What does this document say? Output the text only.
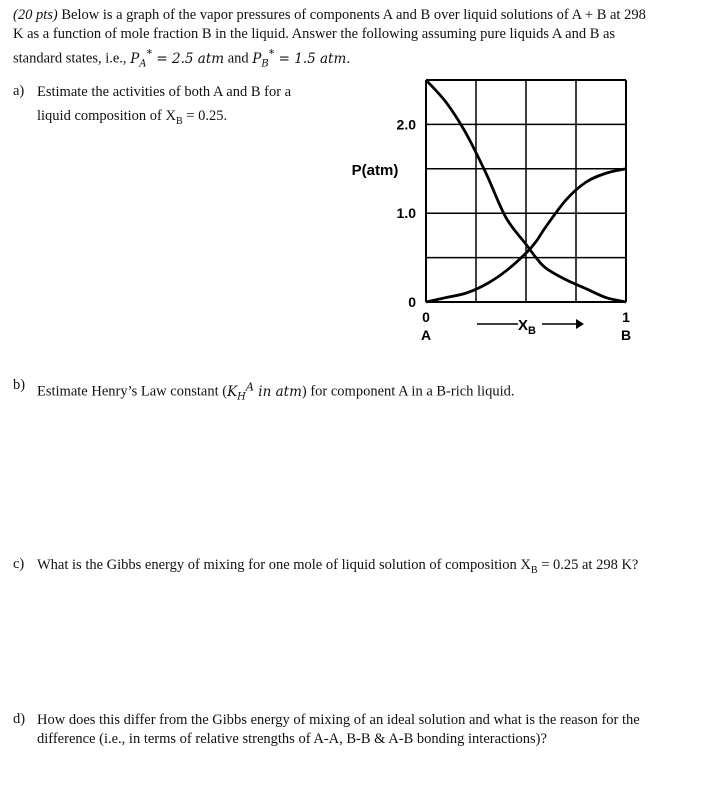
(20 pts) Below is a graph of the vapor pressures of components A and B over liquid solutions of A + B at 298
K as a function of mole fraction B in the liquid. Answer the following assuming pure liquids A and B as
standard states, i.e., $P_A^* = 2.5$ atm and $P_B^* = 1.5$ atm.
a) Estimate the activities of both A and B for a
liquid composition of $X_B = 0.25$.
2.0
1.0
0
0	1
A	B
P(atm)
$X_B$
b) Estimate Henry’s Law constant ($K_H^A$ in atm) for component A in a B-rich liquid.
c) What is the Gibbs energy of mixing for one mole of liquid solution of composition $X_B = 0.25$ at 298 K?
d) How does this differ from the Gibbs energy of mixing of an ideal solution and what is the reason for the
difference (i.e., in terms of relative strengths of A-A, B-B & A-B bonding interactions)?
